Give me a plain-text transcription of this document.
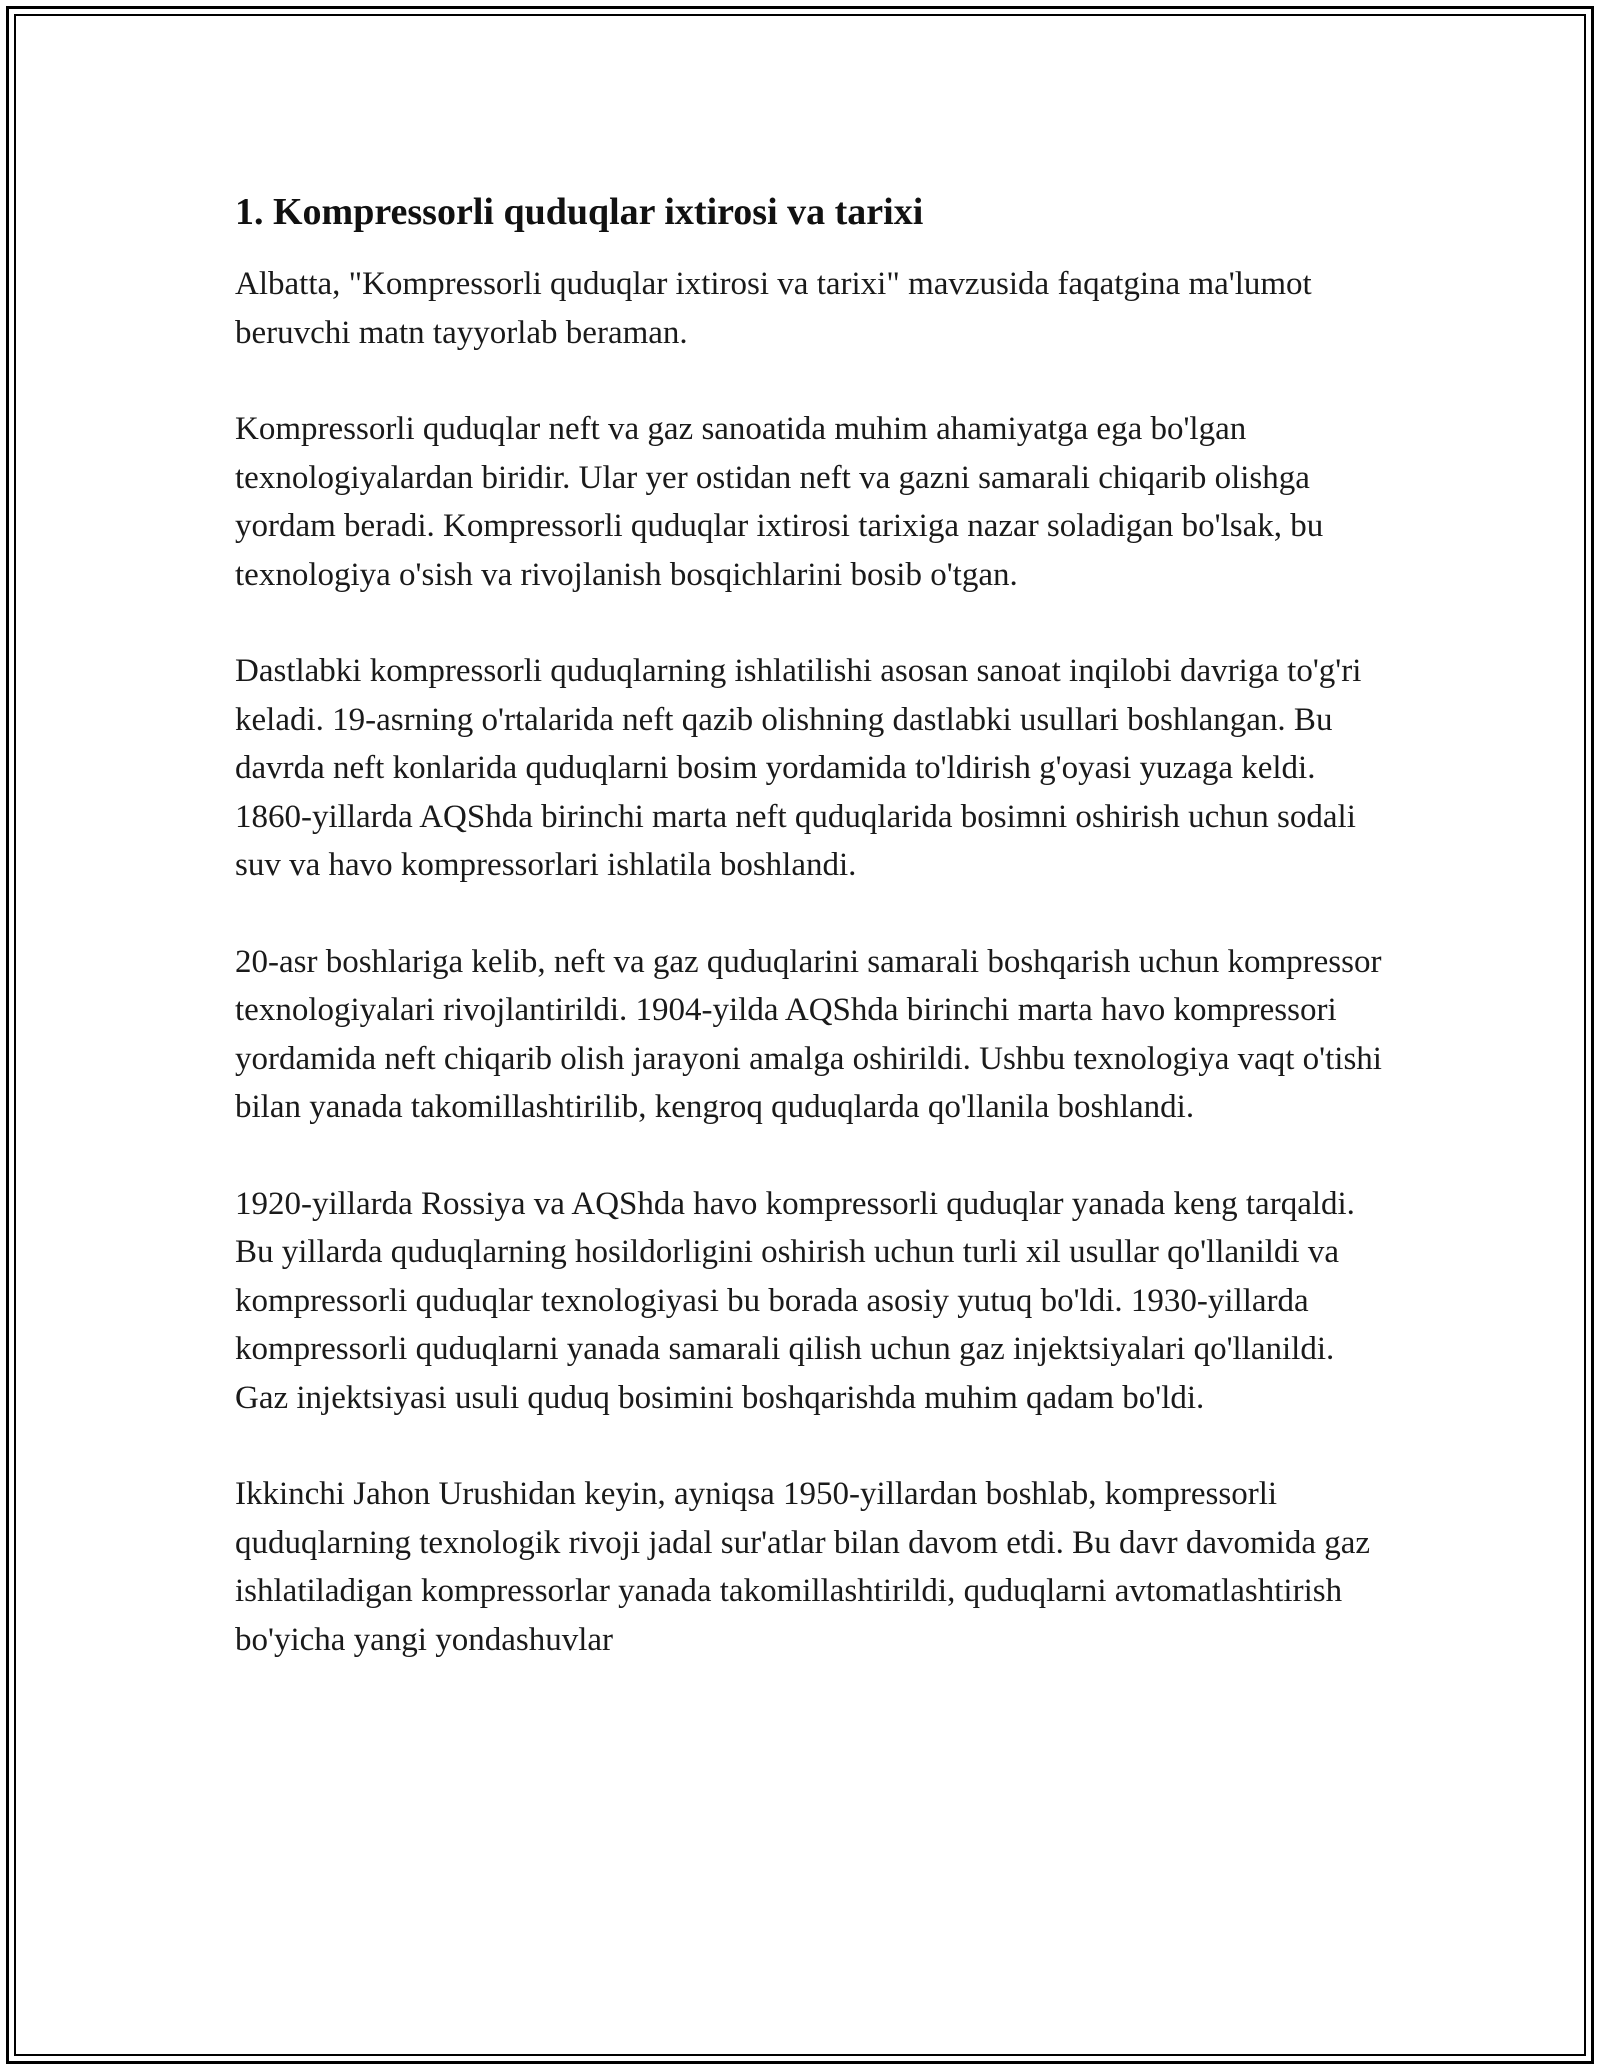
1. Kompressorli quduqlar ixtirosi va tarixi

Albatta, "Kompressorli quduqlar ixtirosi va tarixi" mavzusida faqatgina ma'lumot beruvchi matn tayyorlab beraman.

Kompressorli quduqlar neft va gaz sanoatida muhim ahamiyatga ega bo'lgan texnologiyalardan biridir. Ular yer ostidan neft va gazni samarali chiqarib olishga yordam beradi. Kompressorli quduqlar ixtirosi tarixiga nazar soladigan bo'lsak, bu texnologiya o'sish va rivojlanish bosqichlarini bosib o'tgan.

Dastlabki kompressorli quduqlarning ishlatilishi asosan sanoat inqilobi davriga to'g'ri keladi. 19-asrning o'rtalarida neft qazib olishning dastlabki usullari boshlangan. Bu davrda neft konlarida quduqlarni bosim yordamida to'ldirish g'oyasi yuzaga keldi. 1860-yillarda AQShda birinchi marta neft quduqlarida bosimni oshirish uchun sodali suv va havo kompressorlari ishlatila boshlandi.

20-asr boshlariga kelib, neft va gaz quduqlarini samarali boshqarish uchun kompressor texnologiyalari rivojlantirildi. 1904-yilda AQShda birinchi marta havo kompressori yordamida neft chiqarib olish jarayoni amalga oshirildi. Ushbu texnologiya vaqt o'tishi bilan yanada takomillashtirilib, kengroq quduqlarda qo'llanila boshlandi.

1920-yillarda Rossiya va AQShda havo kompressorli quduqlar yanada keng tarqaldi. Bu yillarda quduqlarning hosildorligini oshirish uchun turli xil usullar qo'llanildi va kompressorli quduqlar texnologiyasi bu borada asosiy yutuq bo'ldi. 1930-yillarda kompressorli quduqlarni yanada samarali qilish uchun gaz injektsiyalari qo'llanildi. Gaz injektsiyasi usuli quduq bosimini boshqarishda muhim qadam bo'ldi.

Ikkinchi Jahon Urushidan keyin, ayniqsa 1950-yillardan boshlab, kompressorli quduqlarning texnologik rivoji jadal sur'atlar bilan davom etdi. Bu davr davomida gaz ishlatiladigan kompressorlar yanada takomillashtirildi, quduqlarni avtomatlashtirish bo'yicha yangi yondashuvlar
